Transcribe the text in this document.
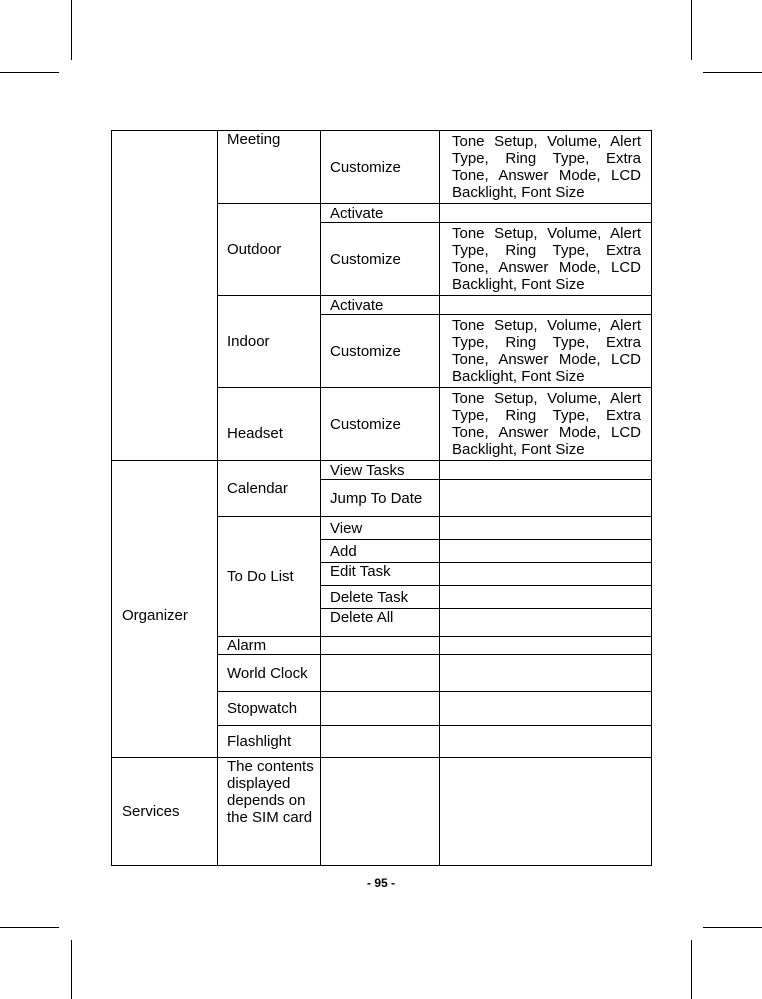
	Meeting	Customize	Tone Setup, Volume, Alert Type, Ring Type, Extra Tone, Answer Mode, LCD Backlight, Font Size
	Outdoor	Activate	
		Customize	Tone Setup, Volume, Alert Type, Ring Type, Extra Tone, Answer Mode, LCD Backlight, Font Size
	Indoor	Activate	
		Customize	Tone Setup, Volume, Alert Type, Ring Type, Extra Tone, Answer Mode, LCD Backlight, Font Size
	Headset	Customize	Tone Setup, Volume, Alert Type, Ring Type, Extra Tone, Answer Mode, LCD Backlight, Font Size
Organizer	Calendar	View Tasks	
		Jump To Date	
	To Do List	View	
		Add	
		Edit Task	
		Delete Task	
		Delete All	
	Alarm		
	World Clock		
	Stopwatch		
	Flashlight		
Services	The contents displayed depends on the SIM card		
- 95 -
